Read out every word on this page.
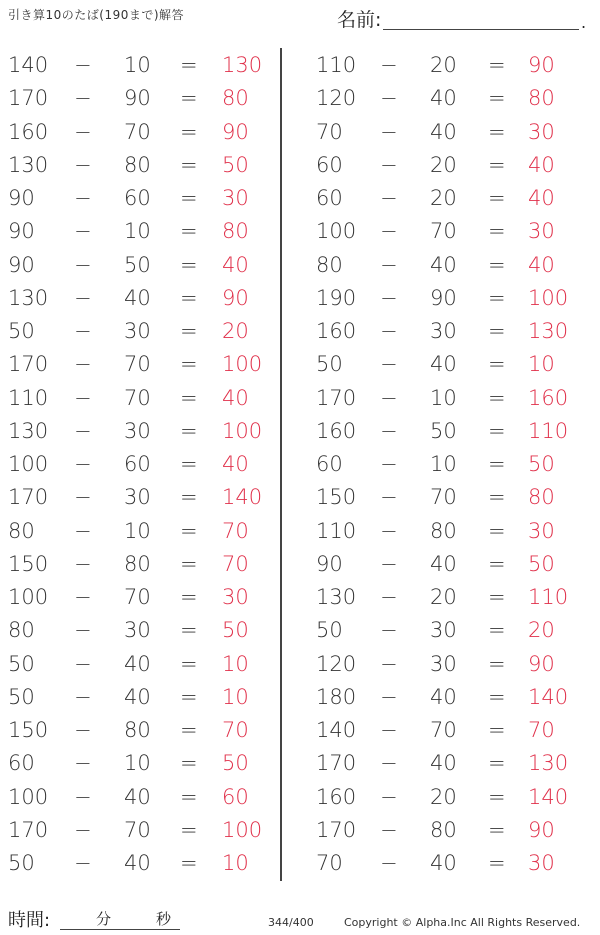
引き算10のたば(190まで)解答	名前:	.
140 − 10 = 130
170 − 90 = 80
160 − 70 = 90
130 − 80 = 50
90 − 60 = 30
90 − 10 = 80
90 − 50 = 40
130 − 40 = 90
50 − 30 = 20
170 − 70 = 100
110 − 70 = 40
130 − 30 = 100
100 − 60 = 40
170 − 30 = 140
80 − 10 = 70
150 − 80 = 70
100 − 70 = 30
80 − 30 = 50
50 − 40 = 10
50 − 40 = 10
150 − 80 = 70
60 − 10 = 50
100 − 40 = 60
170 − 70 = 100
50 − 40 = 10
110 − 20 = 90
120 − 40 = 80
70 − 40 = 30
60 − 20 = 40
60 − 20 = 40
100 − 70 = 30
80 − 40 = 40
190 − 90 = 100
160 − 30 = 130
50 − 40 = 10
170 − 10 = 160
160 − 50 = 110
60 − 10 = 50
150 − 70 = 80
110 − 80 = 30
90 − 40 = 50
130 − 20 = 110
50 − 30 = 20
120 − 30 = 90
180 − 40 = 140
140 − 70 = 70
170 − 40 = 130
160 − 20 = 140
170 − 80 = 90
70 − 40 = 30
時間:	分	秒	344/400	Copyright © Alpha.Inc All Rights Reserved.
